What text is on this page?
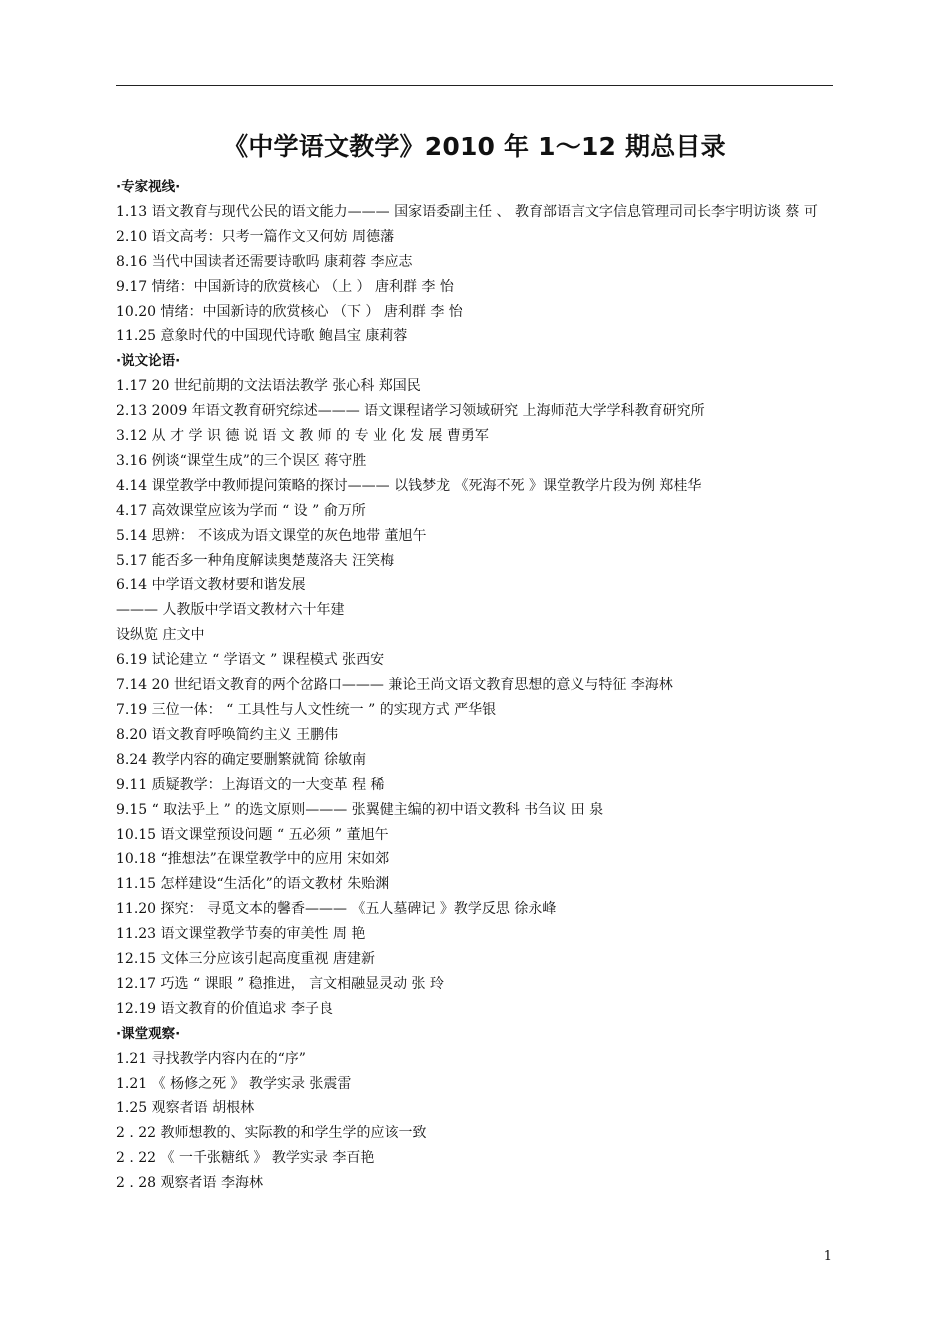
《中学语文教学》2010 年 1～12 期总目录
·专家视线·
1.13 语文教育与现代公民的语文能力——— 国家语委副主任 、 教育部语言文字信息管理司司长李宇明访谈 蔡 可
2.10 语文高考：只考一篇作文又何妨 周德藩
8.16 当代中国读者还需要诗歌吗 康莉蓉 李应志
9.17 情绪：中国新诗的欣赏核心 （上 ） 唐利群 李 怡
10.20 情绪：中国新诗的欣赏核心 （下 ） 唐利群 李 怡
11.25 意象时代的中国现代诗歌 鲍昌宝 康莉蓉
·说文论语·
1.17 20 世纪前期的文法语法教学 张心科 郑国民
2.13 2009 年语文教育研究综述——— 语文课程诸学习领域研究 上海师范大学学科教育研究所
3.12 从 才 学 识 德 说 语 文 教 师 的 专 业 化 发 展 曹勇军
3.16 例谈“课堂生成”的三个误区 蒋守胜
4.14 课堂教学中教师提问策略的探讨——— 以钱梦龙 《死海不死 》课堂教学片段为例 郑桂华
4.17 高效课堂应该为学而 “ 设 ” 俞万所
5.14 思辨： 不该成为语文课堂的灰色地带 董旭午
5.17 能否多一种角度解读奥楚蔑洛夫 汪笑梅
6.14 中学语文教材要和谐发展
——— 人教版中学语文教材六十年建
设纵览 庄文中
6.19 试论建立 “ 学语文 ” 课程模式 张西安
7.14 20 世纪语文教育的两个岔路口——— 兼论王尚文语文教育思想的意义与特征 李海林
7.19 三位一体： “ 工具性与人文性统一 ” 的实现方式 严华银
8.20 语文教育呼唤简约主义 王鹏伟
8.24 教学内容的确定要删繁就简 徐敏南
9.11 质疑教学：上海语文的一大变革 程 稀
9.15 “ 取法乎上 ” 的选文原则——— 张翼健主编的初中语文教科 书刍议 田 泉
10.15 语文课堂预设问题 “ 五必须 ” 董旭午
10.18 “推想法”在课堂教学中的应用 宋如郊
11.15 怎样建设“生活化”的语文教材 朱贻渊
11.20 探究： 寻觅文本的馨香——— 《五人墓碑记 》教学反思 徐永峰
11.23 语文课堂教学节奏的审美性 周 艳
12.15 文体三分应该引起高度重视 唐建新
12.17 巧选 “ 课眼 ” 稳推进， 言文相融显灵动 张 玲
12.19 语文教育的价值追求 李子良
·课堂观察·
1.21 寻找教学内容内在的“序”
1.21 《 杨修之死 》 教学实录 张震雷
1.25 观察者语 胡根林
2 . 22 教师想教的、实际教的和学生学的应该一致
2 . 22 《 一千张糖纸 》 教学实录 李百艳
2 . 28 观察者语 李海林
1
